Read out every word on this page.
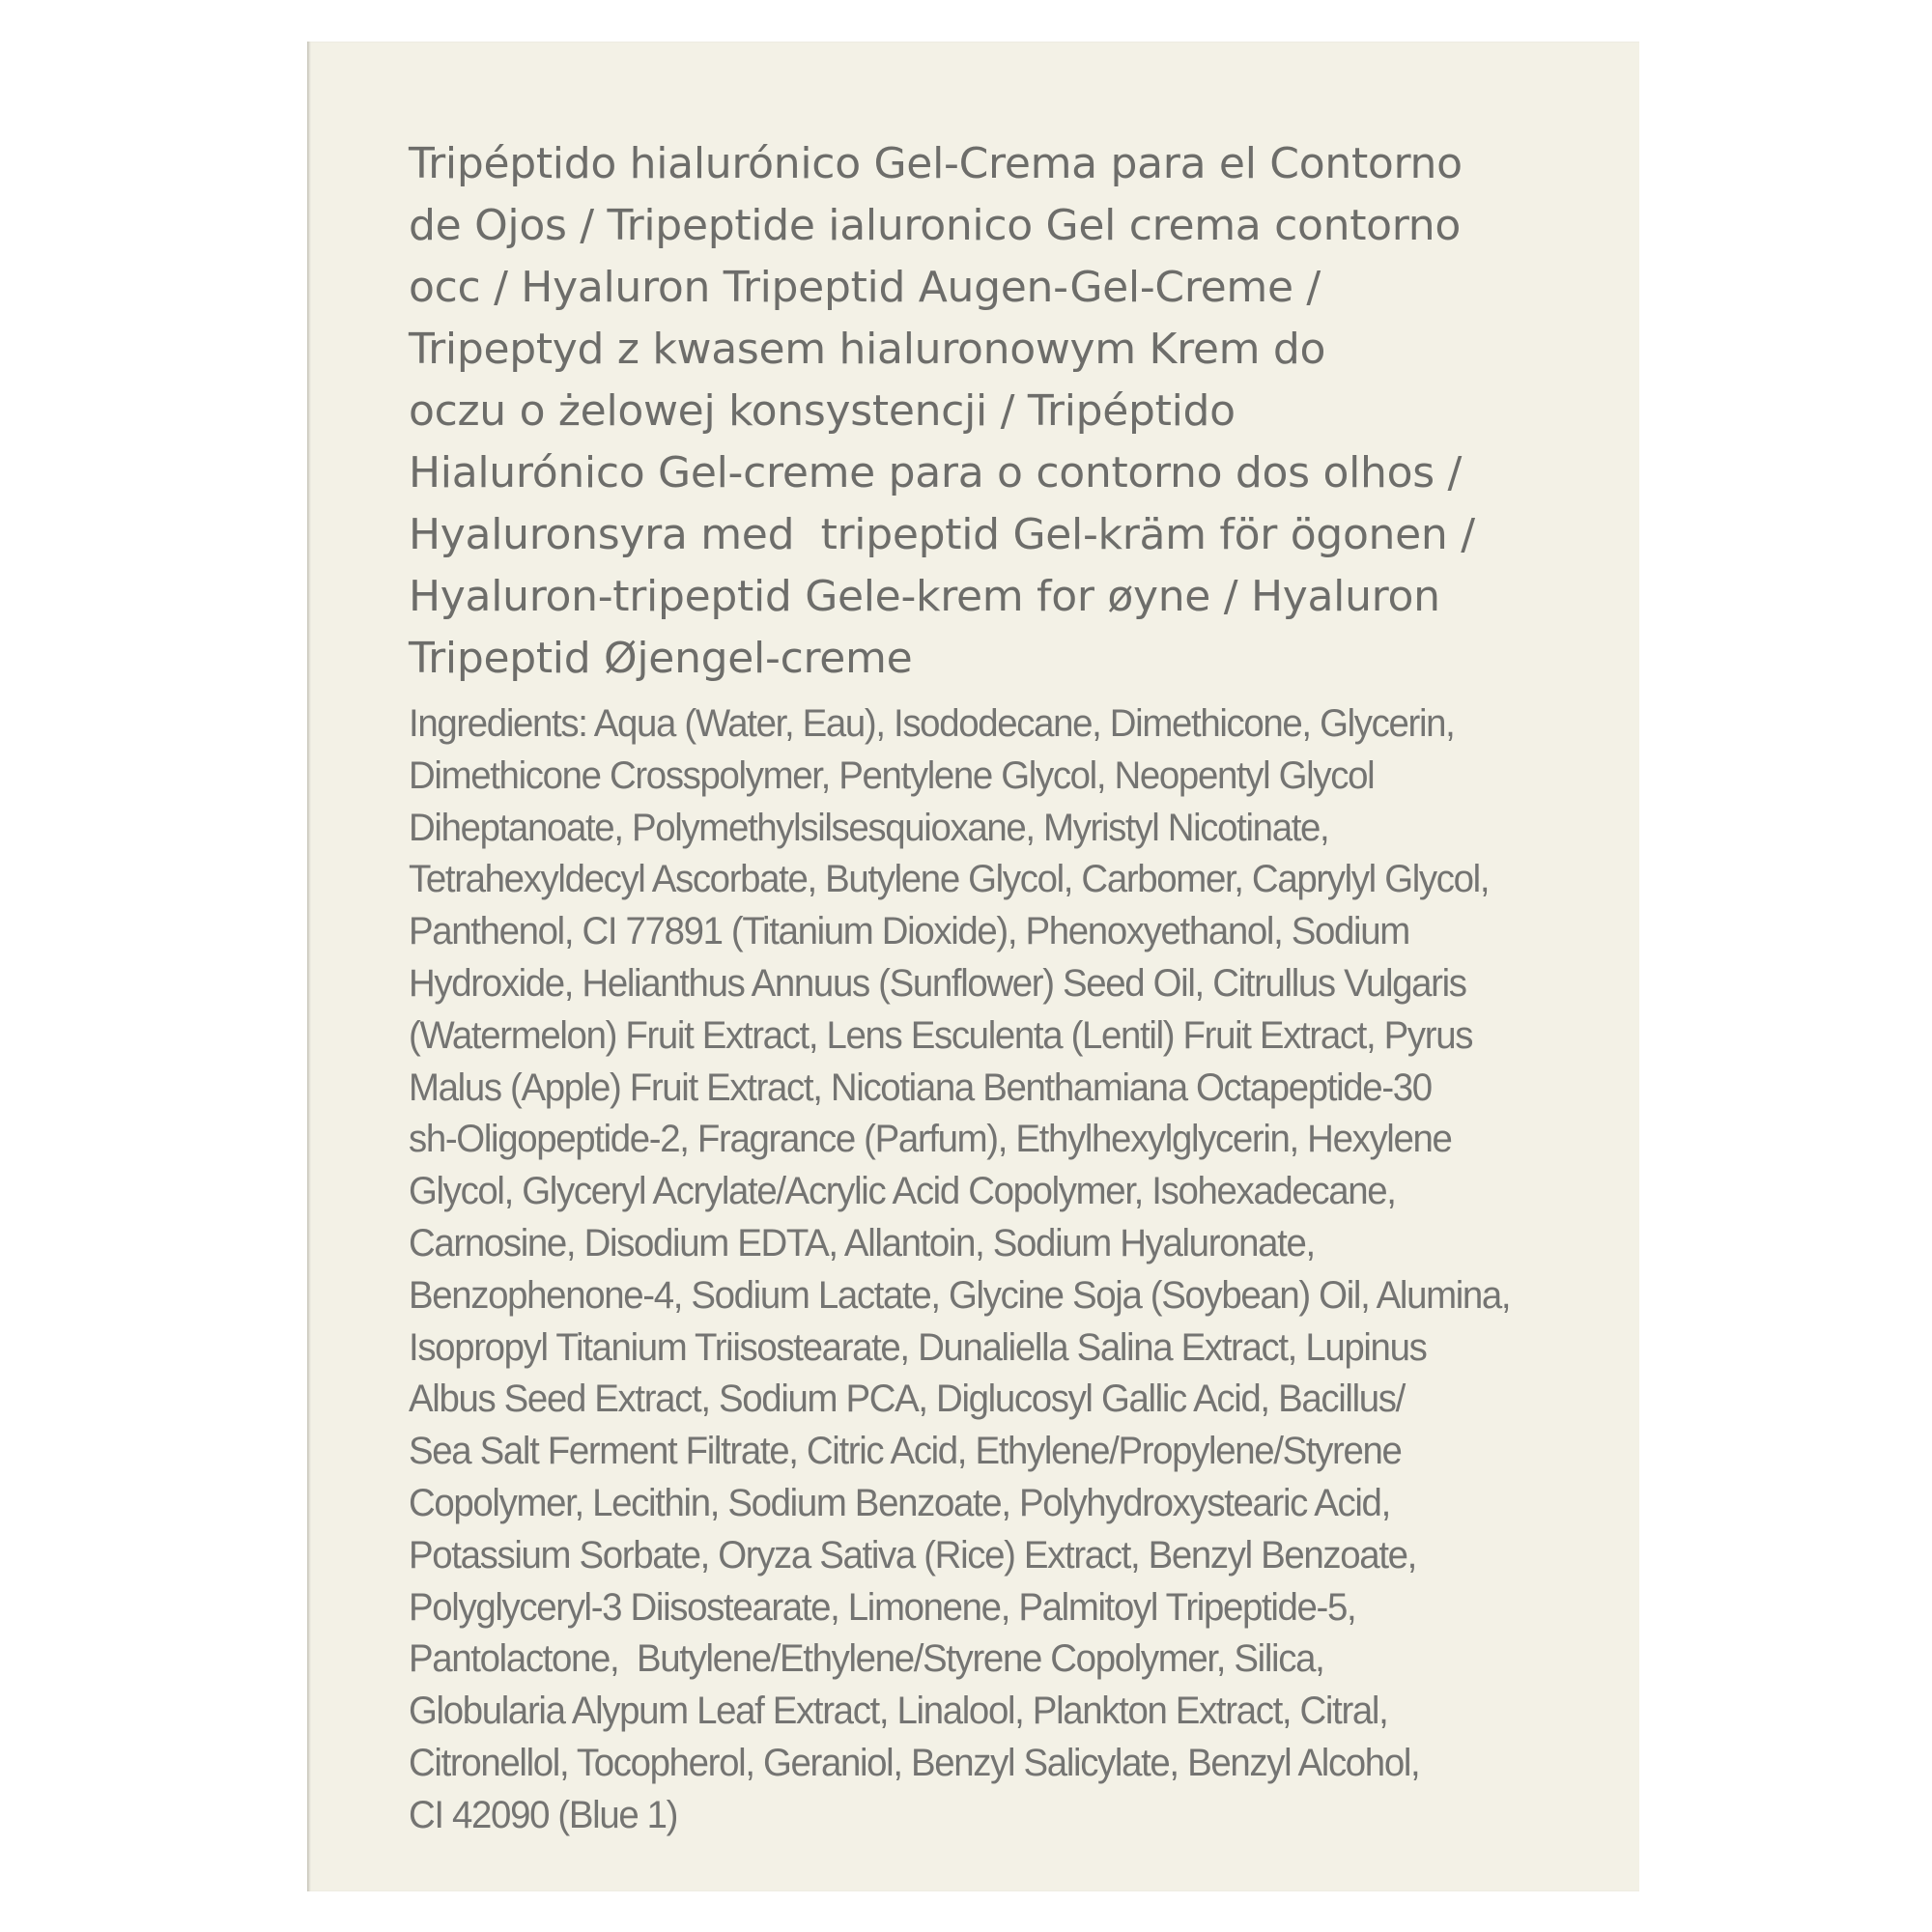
Tripéptido hialurónico Gel-Crema para el Contorno
de Ojos / Tripeptide ialuronico Gel crema contorno
occ / Hyaluron Tripeptid Augen-Gel-Creme /
Tripeptyd z kwasem hialuronowym Krem do
oczu o żelowej konsystencji / Tripéptido
Hialurónico Gel-creme para o contorno dos olhos /
Hyaluronsyra med  tripeptid Gel-kräm för ögonen /
Hyaluron-tripeptid Gele-krem for øyne / Hyaluron
Tripeptid Øjengel-creme
Ingredients: Aqua (Water, Eau), Isododecane, Dimethicone, Glycerin,
Dimethicone Crosspolymer, Pentylene Glycol, Neopentyl Glycol
Diheptanoate, Polymethylsilsesquioxane, Myristyl Nicotinate,
Tetrahexyldecyl Ascorbate, Butylene Glycol, Carbomer, Caprylyl Glycol,
Panthenol, CI 77891 (Titanium Dioxide), Phenoxyethanol, Sodium
Hydroxide, Helianthus Annuus (Sunflower) Seed Oil, Citrullus Vulgaris
(Watermelon) Fruit Extract, Lens Esculenta (Lentil) Fruit Extract, Pyrus
Malus (Apple) Fruit Extract, Nicotiana Benthamiana Octapeptide-30
sh-Oligopeptide-2, Fragrance (Parfum), Ethylhexylglycerin, Hexylene
Glycol, Glyceryl Acrylate/Acrylic Acid Copolymer, Isohexadecane,
Carnosine, Disodium EDTA, Allantoin, Sodium Hyaluronate,
Benzophenone-4, Sodium Lactate, Glycine Soja (Soybean) Oil, Alumina,
Isopropyl Titanium Triisostearate, Dunaliella Salina Extract, Lupinus
Albus Seed Extract, Sodium PCA, Diglucosyl Gallic Acid, Bacillus/
Sea Salt Ferment Filtrate, Citric Acid, Ethylene/Propylene/Styrene
Copolymer, Lecithin, Sodium Benzoate, Polyhydroxystearic Acid,
Potassium Sorbate, Oryza Sativa (Rice) Extract, Benzyl Benzoate,
Polyglyceryl-3 Diisostearate, Limonene, Palmitoyl Tripeptide-5,
Pantolactone,  Butylene/Ethylene/Styrene Copolymer, Silica,
Globularia Alypum Leaf Extract, Linalool, Plankton Extract, Citral,
Citronellol, Tocopherol, Geraniol, Benzyl Salicylate, Benzyl Alcohol,
CI 42090 (Blue 1)
